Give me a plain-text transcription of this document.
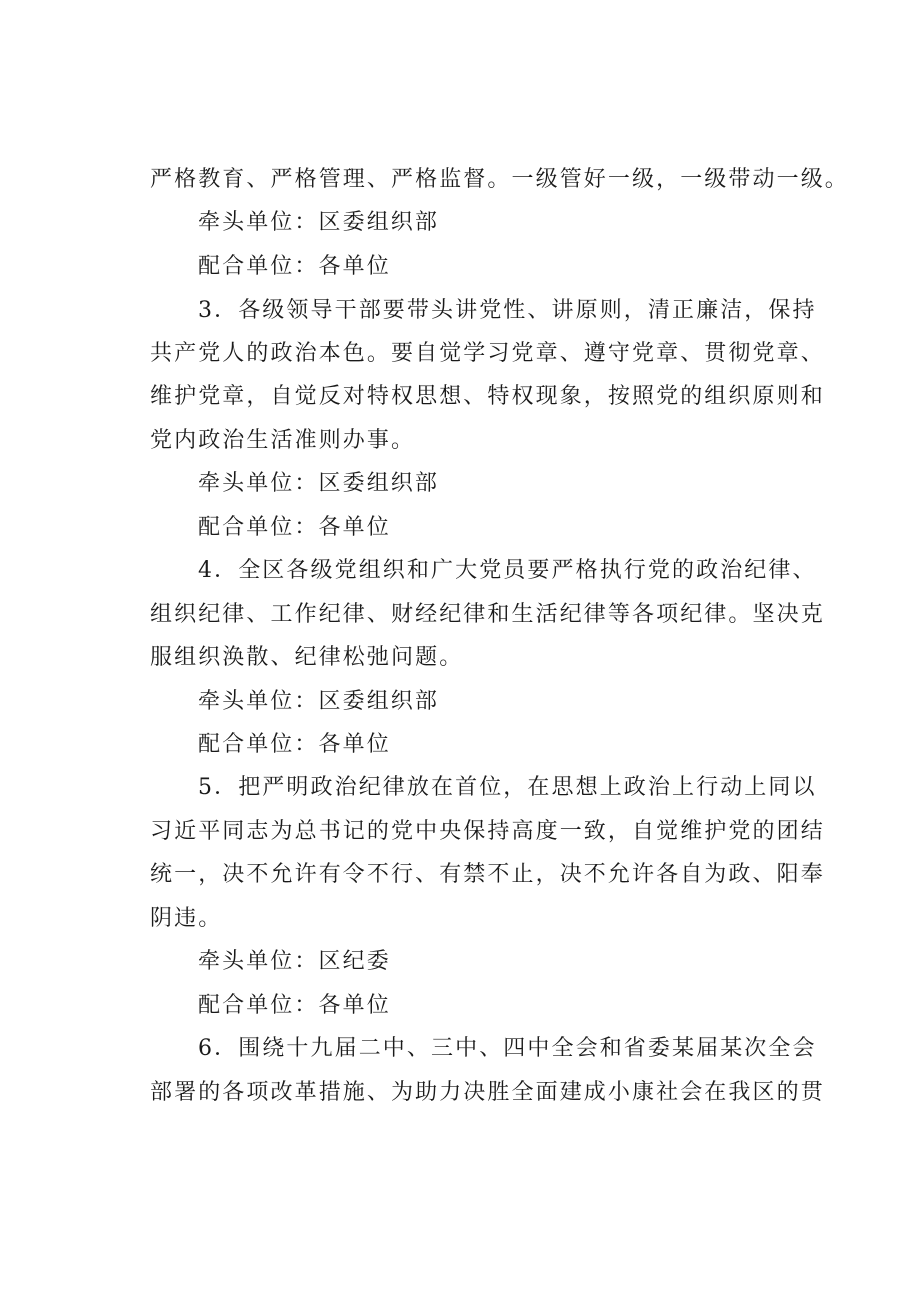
严格教育、严格管理、严格监督。一级管好一级，一级带动一级。
牵头单位：区委组织部
配合单位：各单位
3．各级领导干部要带头讲党性、讲原则，清正廉洁，保持
共产党人的政治本色。要自觉学习党章、遵守党章、贯彻党章、
维护党章，自觉反对特权思想、特权现象，按照党的组织原则和
党内政治生活准则办事。
牵头单位：区委组织部
配合单位：各单位
4．全区各级党组织和广大党员要严格执行党的政治纪律、
组织纪律、工作纪律、财经纪律和生活纪律等各项纪律。坚决克
服组织涣散、纪律松弛问题。
牵头单位：区委组织部
配合单位：各单位
5．把严明政治纪律放在首位，在思想上政治上行动上同以
习近平同志为总书记的党中央保持高度一致，自觉维护党的团结
统一，决不允许有令不行、有禁不止，决不允许各自为政、阳奉
阴违。
牵头单位：区纪委
配合单位：各单位
6．围绕十九届二中、三中、四中全会和省委某届某次全会
部署的各项改革措施、为助力决胜全面建成小康社会在我区的贯
